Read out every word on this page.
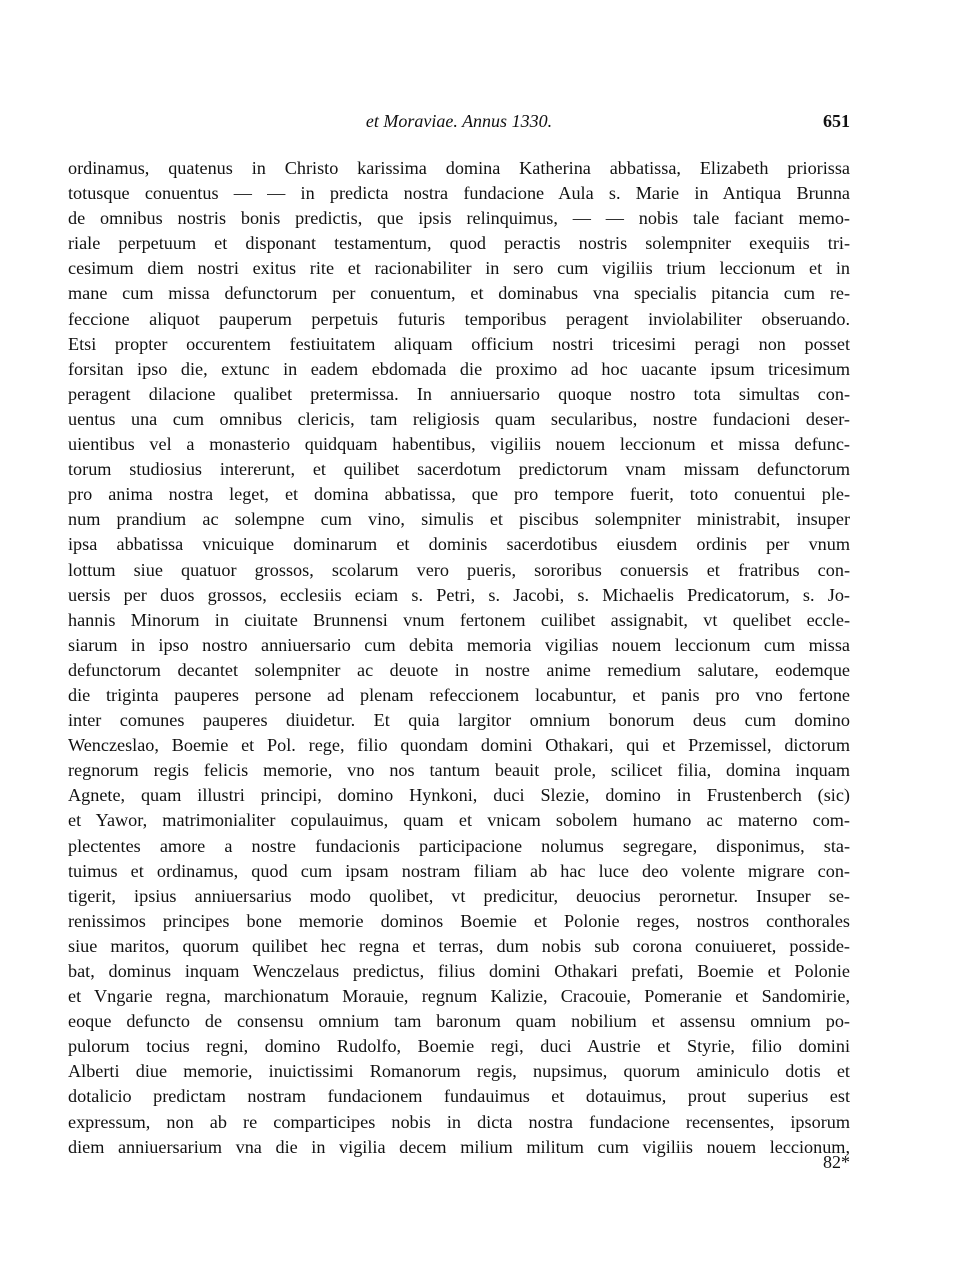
et Moraviae. Annus 1330.	651
ordinamus, quatenus in Christo karissima domina Katherina abbatissa, Elizabeth priorissa
totusque conuentus — — in predicta nostra fundacione Aula s. Marie in Antiqua Brunna
de omnibus nostris bonis predictis, que ipsis relinquimus, — — nobis tale faciant memo-
riale perpetuum et disponant testamentum, quod peractis nostris solempniter exequiis tri-
cesimum diem nostri exitus rite et racionabiliter in sero cum vigiliis trium leccionum et in
mane cum missa defunctorum per conuentum, et dominabus vna specialis pitancia cum re-
feccione aliquot pauperum perpetuis futuris temporibus peragent inviolabiliter obseruando.
Etsi propter occurentem festiuitatem aliquam officium nostri tricesimi peragi non posset
forsitan ipso die, extunc in eadem ebdomada die proximo ad hoc uacante ipsum tricesimum
peragent dilacione qualibet pretermissa. In anniuersario quoque nostro tota simultas con-
uentus una cum omnibus clericis, tam religiosis quam secularibus, nostre fundacioni deser-
uientibus vel a monasterio quidquam habentibus, vigiliis nouem leccionum et missa defunc-
torum studiosius intererunt, et quilibet sacerdotum predictorum vnam missam defunctorum
pro anima nostra leget, et domina abbatissa, que pro tempore fuerit, toto conuentui ple-
num prandium ac solempne cum vino, simulis et piscibus solempniter ministrabit, insuper
ipsa abbatissa vnicuique dominarum et dominis sacerdotibus eiusdem ordinis per vnum
lottum siue quatuor grossos, scolarum vero pueris, sororibus conuersis et fratribus con-
uersis per duos grossos, ecclesiis eciam s. Petri, s. Jacobi, s. Michaelis Predicatorum, s. Jo-
hannis Minorum in ciuitate Brunnensi vnum fertonem cuilibet assignabit, vt quelibet eccle-
siarum in ipso nostro anniuersario cum debita memoria vigilias nouem leccionum cum missa
defunctorum decantet solempniter ac deuote in nostre anime remedium salutare, eodemque
die triginta pauperes persone ad plenam refeccionem locabuntur, et panis pro vno fertone
inter comunes pauperes diuidetur. Et quia largitor omnium bonorum deus cum domino
Wenczeslao, Boemie et Pol. rege, filio quondam domini Othakari, qui et Przemissel, dictorum
regnorum regis felicis memorie, vno nos tantum beauit prole, scilicet filia, domina inquam
Agnete, quam illustri principi, domino Hynkoni, duci Slezie, domino in Frustenberch (sic)
et Yawor, matrimonialiter copulauimus, quam et vnicam sobolem humano ac materno com-
plectentes amore a nostre fundacionis participacione nolumus segregare, disponimus, sta-
tuimus et ordinamus, quod cum ipsam nostram filiam ab hac luce deo volente migrare con-
tigerit, ipsius anniuersarius modo quolibet, vt predicitur, deuocius perornetur. Insuper se-
renissimos principes bone memorie dominos Boemie et Polonie reges, nostros conthorales
siue maritos, quorum quilibet hec regna et terras, dum nobis sub corona conuiueret, posside-
bat, dominus inquam Wenczelaus predictus, filius domini Othakari prefati, Boemie et Polonie
et Vngarie regna, marchionatum Morauie, regnum Kalizie, Cracouie, Pomeranie et Sandomirie,
eoque defuncto de consensu omnium tam baronum quam nobilium et assensu omnium po-
pulorum tocius regni, domino Rudolfo, Boemie regi, duci Austrie et Styrie, filio domini
Alberti diue memorie, inuictissimi Romanorum regis, nupsimus, quorum aminiculo dotis et
dotalicio predictam nostram fundacionem fundauimus et dotauimus, prout superius est
expressum, non ab re comparticipes nobis in dicta nostra fundacione recensentes, ipsorum
diem anniuersarium vna die in vigilia decem milium militum cum vigiliis nouem leccionum,
82*
